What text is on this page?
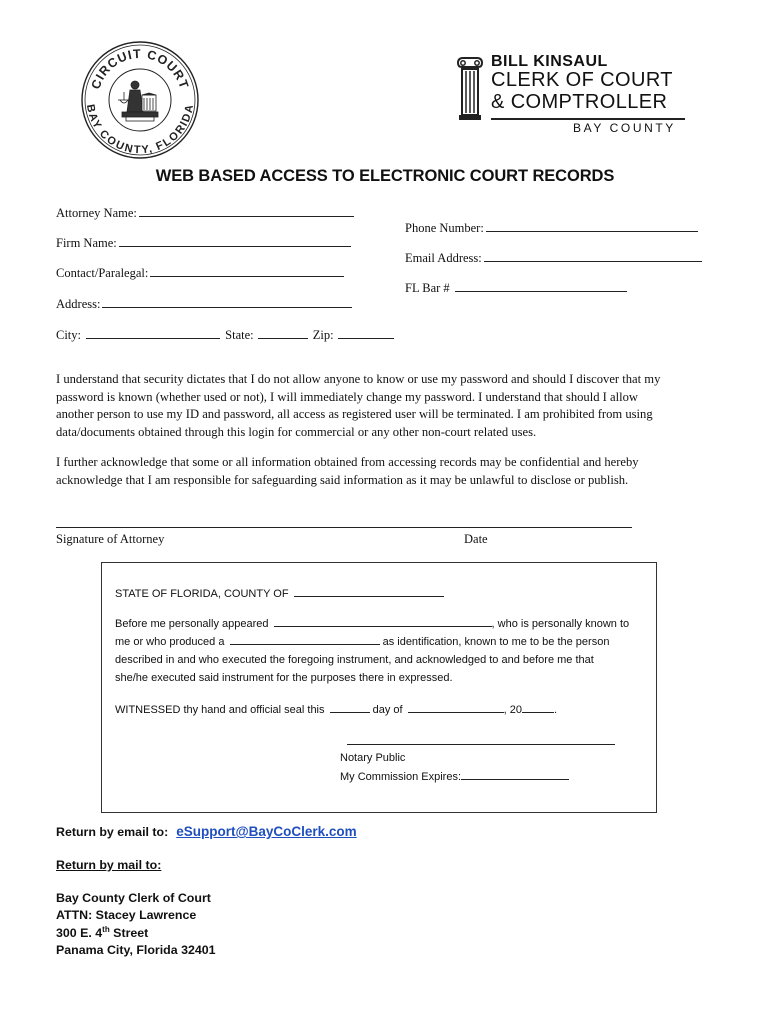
CIRCUIT COURT
BAY COUNTY, FLORIDA
BILL KINSAUL
CLERK OF COURT
& COMPTROLLER
BAY COUNTY
WEB BASED ACCESS TO ELECTRONIC COURT RECORDS
Attorney Name:
Phone Number:
Firm Name:
Email Address:
Contact/Paralegal:
FL Bar #
Address:
City:	State:	Zip:
I understand that security dictates that I do not allow anyone to know or use my password and should I discover that my
password is known (whether used or not), I will immediately change my password. I understand that should I allow
another person to use my ID and password, all access as registered user will be terminated. I am prohibited from using
data/documents obtained through this login for commercial or any other non-court related uses.
I further acknowledge that some or all information obtained from accessing records may be confidential and hereby
acknowledge that I am responsible for safeguarding said information as it may be unlawful to disclose or publish.
Signature of Attorney	Date
STATE OF FLORIDA, COUNTY OF
Before me personally appeared	, who is personally known to
me or who produced a	as identification, known to me to be the person
described in and who executed the foregoing instrument, and acknowledged to and before me that
she/he executed said instrument for the purposes there in expressed.
WITNESSED thy hand and official seal this	day of	, 20	.
Notary Public
My Commission Expires:
Return by email to: eSupport@BayCoClerk.com
Return by mail to:
Bay County Clerk of Court
ATTN: Stacey Lawrence
300 E. 4th Street
Panama City, Florida 32401
